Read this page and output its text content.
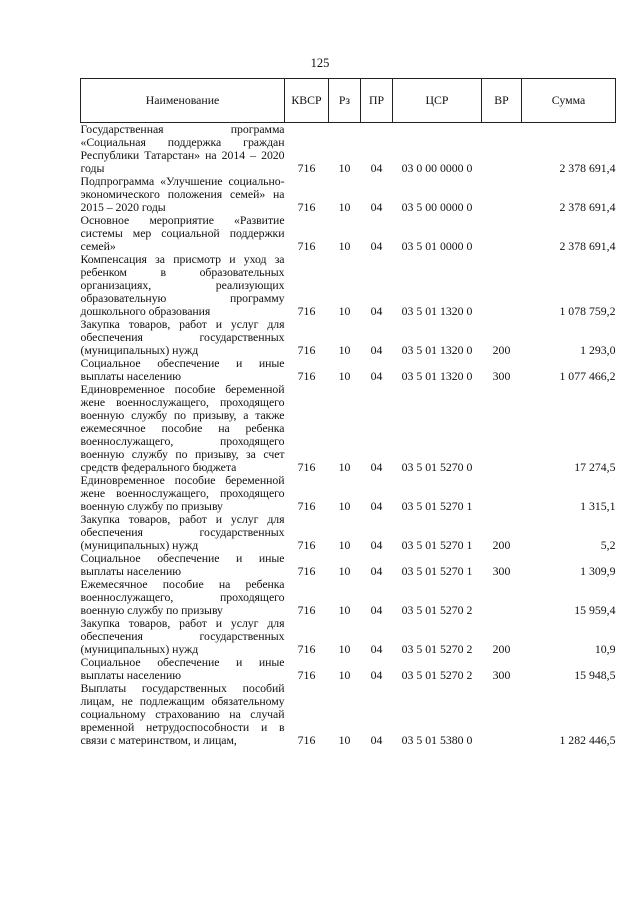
125
Наименование	КВСР	Рз	ПР	ЦСР	ВР	Сумма
Государственная программа «Социальная поддержка граждан Республики Татарстан» на 2014 – 2020 годы	716	10	04	03 0 00 0000 0		2 378 691,4
Подпрограмма «Улучшение социально-экономического положения семей» на 2015 – 2020 годы	716	10	04	03 5 00 0000 0		2 378 691,4
Основное мероприятие «Развитие системы мер социальной поддержки семей»	716	10	04	03 5 01 0000 0		2 378 691,4
Компенсация за присмотр и уход за ребенком в образовательных организациях, реализующих образовательную программу дошкольного образования	716	10	04	03 5 01 1320 0		1 078 759,2
Закупка товаров, работ и услуг для обеспечения государственных (муниципальных) нужд	716	10	04	03 5 01 1320 0	200	1 293,0
Социальное обеспечение и иные выплаты населению	716	10	04	03 5 01 1320 0	300	1 077 466,2
Единовременное пособие беременной жене военнослужащего, проходящего военную службу по призыву, а также ежемесячное пособие на ребенка военнослужащего, проходящего военную службу по призыву, за счет средств федерального бюджета	716	10	04	03 5 01 5270 0		17 274,5
Единовременное пособие беременной жене военнослужащего, проходящего военную службу по призыву	716	10	04	03 5 01 5270 1		1 315,1
Закупка товаров, работ и услуг для обеспечения государственных (муниципальных) нужд	716	10	04	03 5 01 5270 1	200	5,2
Социальное обеспечение и иные выплаты населению	716	10	04	03 5 01 5270 1	300	1 309,9
Ежемесячное пособие на ребенка военнослужащего, проходящего военную службу по призыву	716	10	04	03 5 01 5270 2		15 959,4
Закупка товаров, работ и услуг для обеспечения государственных (муниципальных) нужд	716	10	04	03 5 01 5270 2	200	10,9
Социальное обеспечение и иные выплаты населению	716	10	04	03 5 01 5270 2	300	15 948,5
Выплаты государственных пособий лицам, не подлежащим обязательному социальному страхованию на случай временной нетрудоспособности и в связи с материнством, и лицам,	716	10	04	03 5 01 5380 0		1 282 446,5
